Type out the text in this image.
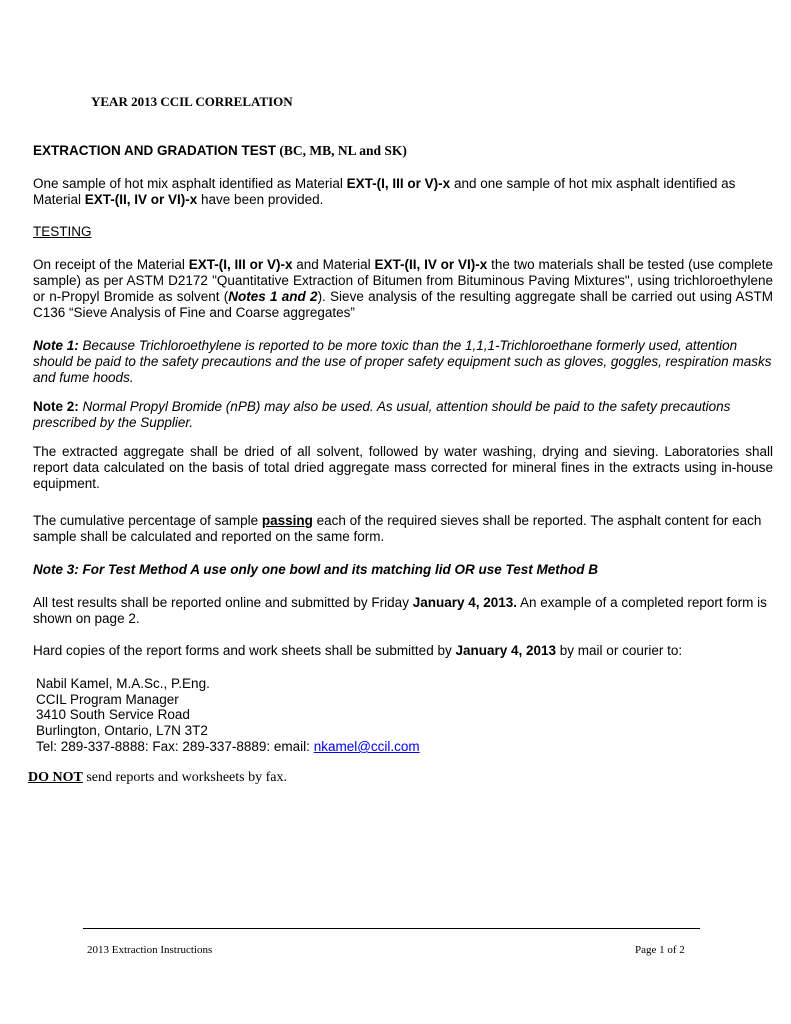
YEAR 2013 CCIL CORRELATION
EXTRACTION AND GRADATION TEST (BC, MB, NL and SK)
One sample of hot mix asphalt identified as Material EXT-(I, III or V)-x and one sample of hot mix asphalt identified as Material EXT-(II, IV or VI)-x have been provided.
TESTING
On receipt of the Material EXT-(I, III or V)-x and Material EXT-(II, IV or VI)-x the two materials shall be tested (use complete sample) as per ASTM D2172 "Quantitative Extraction of Bitumen from Bituminous Paving Mixtures", using trichloroethylene or n-Propyl Bromide as solvent (Notes 1 and 2). Sieve analysis of the resulting aggregate shall be carried out using ASTM C136 “Sieve Analysis of Fine and Coarse aggregates”
Note 1: Because Trichloroethylene is reported to be more toxic than the 1,1,1-Trichloroethane formerly used, attention should be paid to the safety precautions and the use of proper safety equipment such as gloves, goggles, respiration masks and fume hoods.
Note 2: Normal Propyl Bromide (nPB) may also be used. As usual, attention should be paid to the safety precautions prescribed by the Supplier.
The extracted aggregate shall be dried of all solvent, followed by water washing, drying and sieving. Laboratories shall report data calculated on the basis of total dried aggregate mass corrected for mineral fines in the extracts using in-house equipment.
The cumulative percentage of sample passing each of the required sieves shall be reported. The asphalt content for each sample shall be calculated and reported on the same form.
Note 3: For Test Method A use only one bowl and its matching lid OR use Test Method B
All test results shall be reported online and submitted by Friday January 4, 2013. An example of a completed report form is shown on page 2.
Hard copies of the report forms and work sheets shall be submitted by January 4, 2013 by mail or courier to:
Nabil Kamel, M.A.Sc., P.Eng.
CCIL Program Manager
3410 South Service Road
Burlington, Ontario, L7N 3T2
Tel: 289-337-8888: Fax: 289-337-8889: email: nkamel@ccil.com
DO NOT send reports and worksheets by fax.
2013 Extraction Instructions	Page 1 of 2
